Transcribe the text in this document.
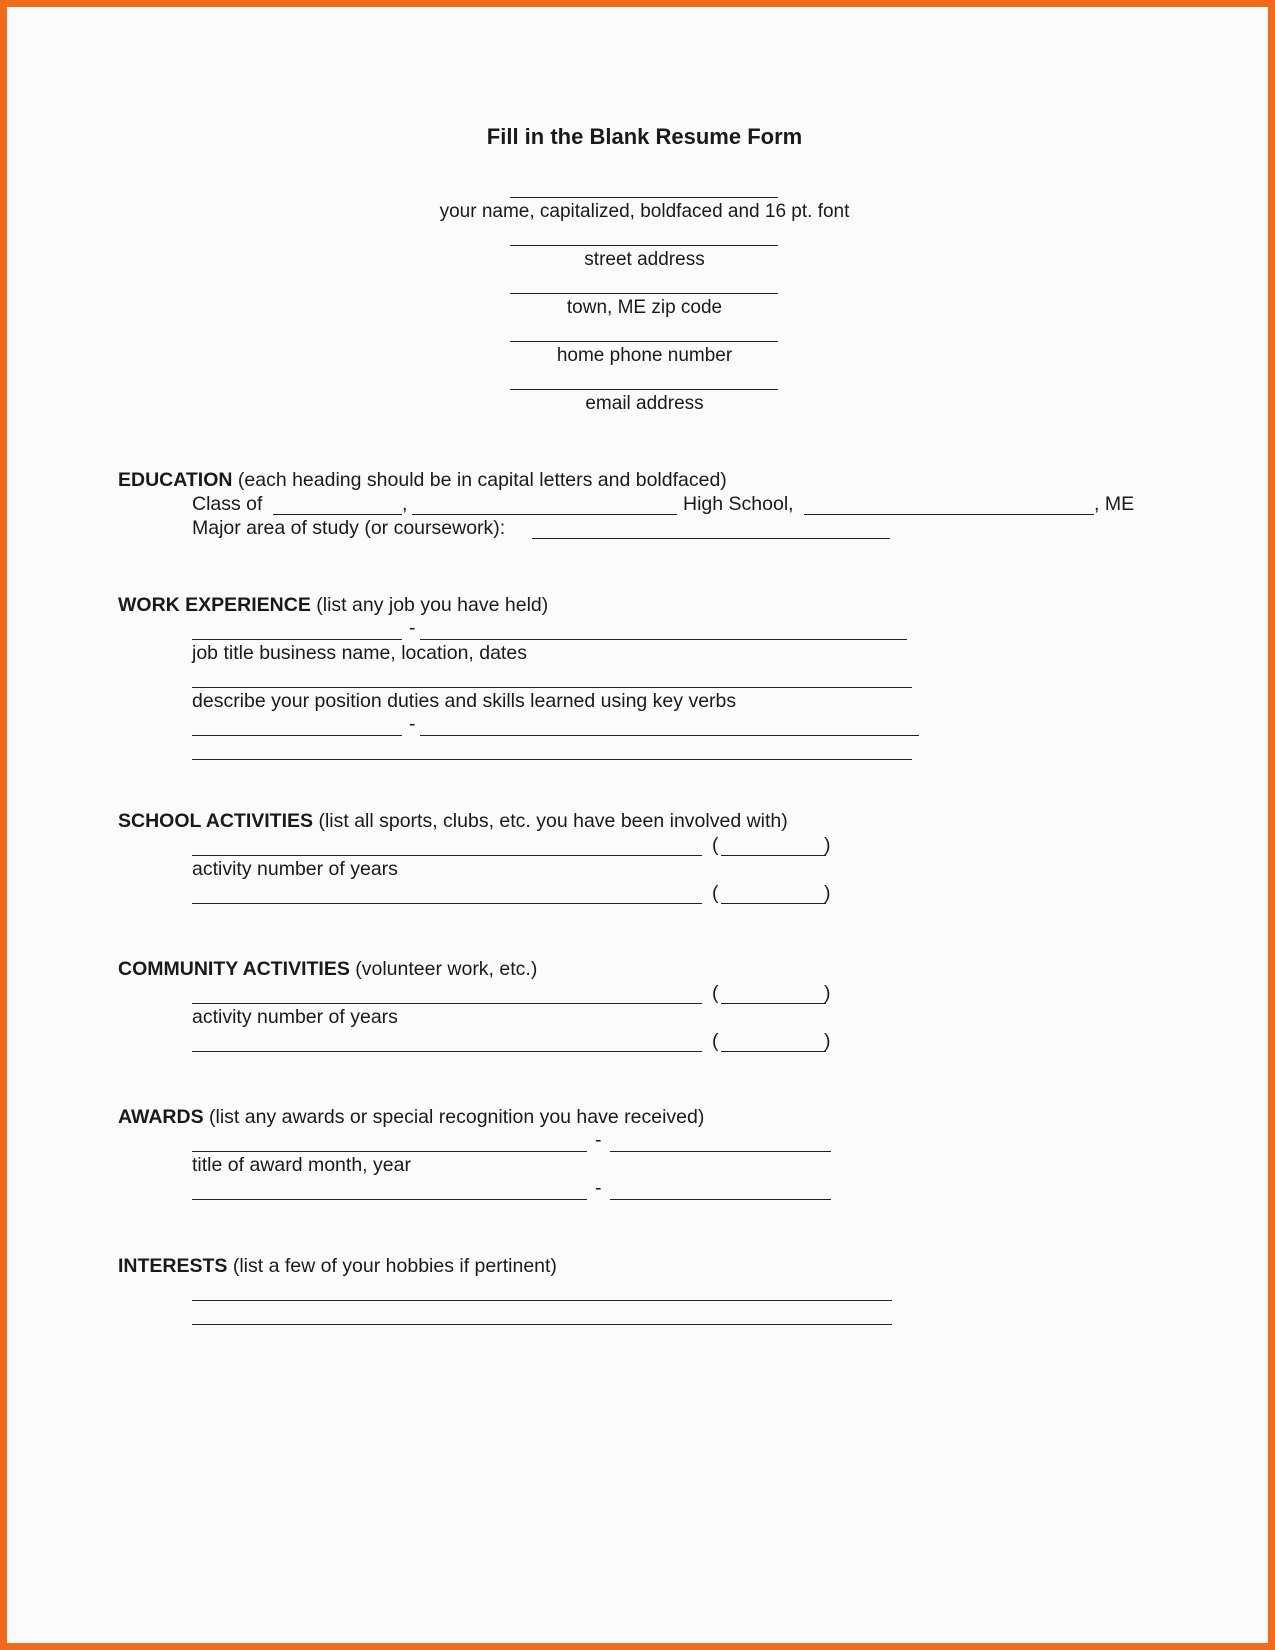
Fill in the Blank Resume Form
your name, capitalized, boldfaced and 16 pt. font
street address
town, ME zip code
home phone number
email address
EDUCATION (each heading should be in capital letters and boldfaced)
Class of	,	High School,	, ME
Major area of study (or coursework):
WORK EXPERIENCE (list any job you have held)
-
job title business name, location, dates
describe your position duties and skills learned using key verbs
-
SCHOOL ACTIVITIES (list all sports, clubs, etc. you have been involved with)
(	)
activity number of years
(	)
COMMUNITY ACTIVITIES (volunteer work, etc.)
(	)
activity number of years
(	)
AWARDS (list any awards or special recognition you have received)
-
title of award month, year
-
INTERESTS (list a few of your hobbies if pertinent)
